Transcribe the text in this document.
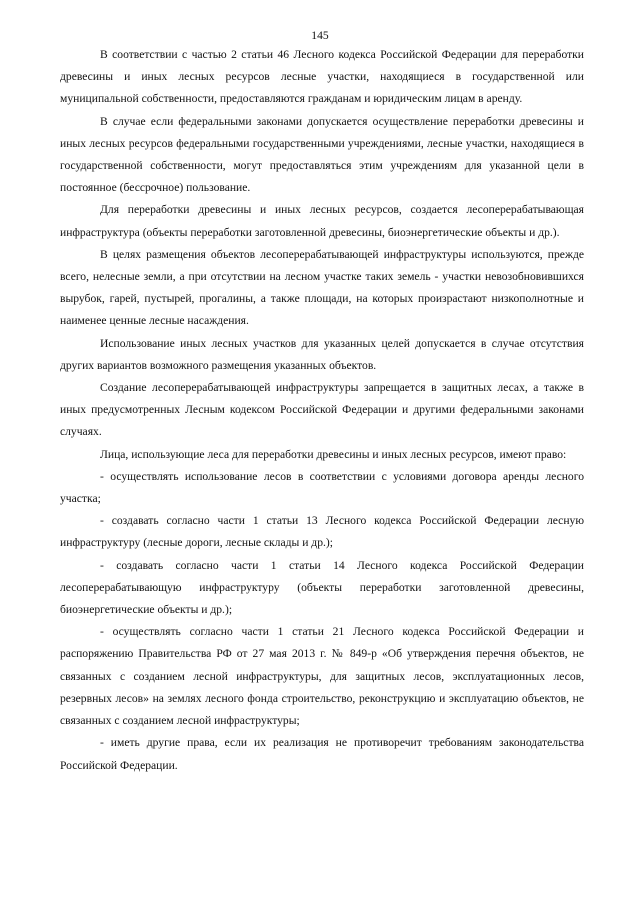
145

В соответствии с частью 2 статьи 46 Лесного кодекса Российской Федерации для переработки древесины и иных лесных ресурсов лесные участки, находящиеся в государственной или муниципальной собственности, предоставляются гражданам и юридическим лицам в аренду.

В случае если федеральными законами допускается осуществление переработки древесины и иных лесных ресурсов федеральными государственными учреждениями, лесные участки, находящиеся в государственной собственности, могут предоставляться этим учреждениям для указанной цели в постоянное (бессрочное) пользование.

Для переработки древесины и иных лесных ресурсов, создается лесоперерабатывающая инфраструктура (объекты переработки заготовленной древесины, биоэнергетические объекты и др.).

В целях размещения объектов лесоперерабатывающей инфраструктуры используются, прежде всего, нелесные земли, а при отсутствии на лесном участке таких земель - участки невозобновившихся вырубок, гарей, пустырей, прогалины, а также площади, на которых произрастают низкополнотные и наименее ценные лесные насаждения.

Использование иных лесных участков для указанных целей допускается в случае отсутствия других вариантов возможного размещения указанных объектов.

Создание лесоперерабатывающей инфраструктуры запрещается в защитных лесах, а также в иных предусмотренных Лесным кодексом Российской Федерации и другими федеральными законами случаях.

Лица, использующие леса для переработки древесины и иных лесных ресурсов, имеют право:

- осуществлять использование лесов в соответствии с условиями договора аренды лесного участка;

- создавать согласно части 1 статьи 13 Лесного кодекса Российской Федерации лесную инфраструктуру (лесные дороги, лесные склады и др.);

- создавать согласно части 1 статьи 14 Лесного кодекса Российской Федерации лесоперерабатывающую инфраструктуру (объекты переработки заготовленной древесины, биоэнергетические объекты и др.);

- осуществлять согласно части 1 статьи 21 Лесного кодекса Российской Федерации и распоряжению Правительства РФ от 27 мая 2013 г. № 849-р «Об утверждения перечня объектов, не связанных с созданием лесной инфраструктуры, для защитных лесов, эксплуатационных лесов, резервных лесов» на землях лесного фонда строительство, реконструкцию и эксплуатацию объектов, не связанных с созданием лесной инфраструктуры;

- иметь другие права, если их реализация не противоречит требованиям законодательства Российской Федерации.
